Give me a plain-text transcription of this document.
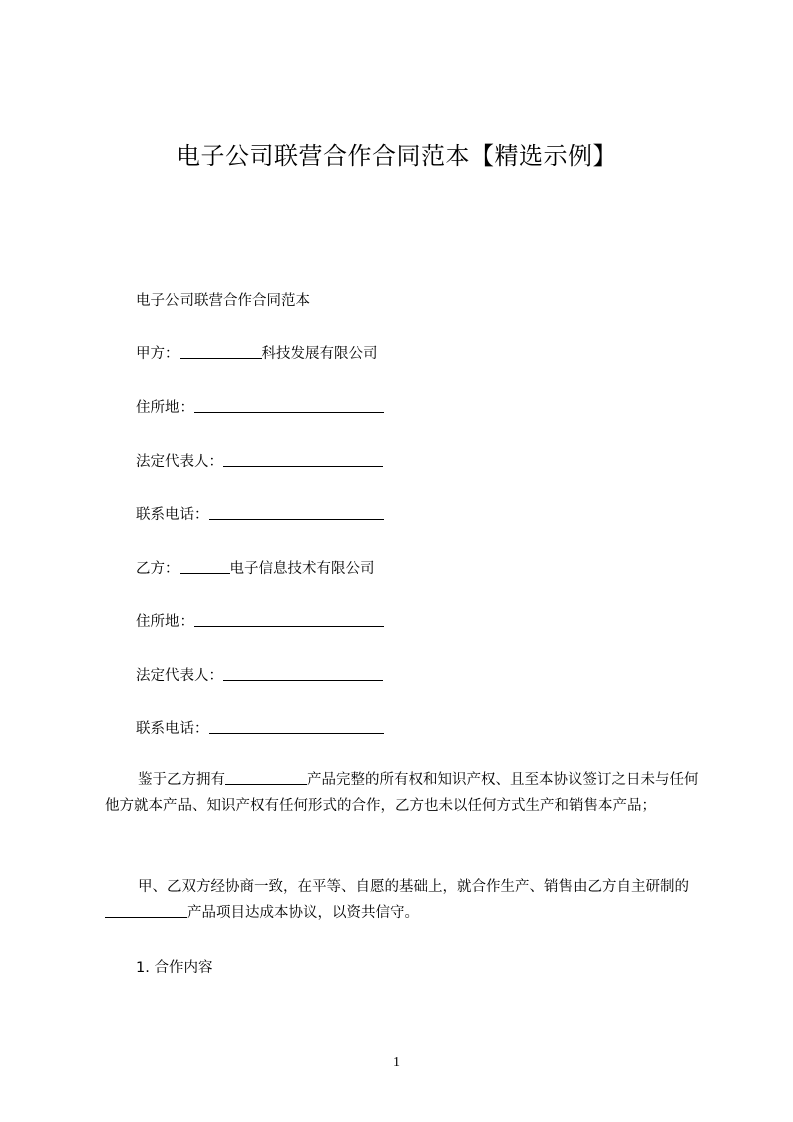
电子公司联营合作合同范本【精选示例】
电子公司联营合作合同范本
甲方：	科技发展有限公司
住所地：
法定代表人：
联系电话：
乙方：	电子信息技术有限公司
住所地：
法定代表人：
联系电话：
鉴于乙方拥有	产品完整的所有权和知识产权、且至本协议签订之日未与任何他方就本产品、知识产权有任何形式的合作，乙方也未以任何方式生产和销售本产品；
甲、乙双方经协商一致，在平等、自愿的基础上，就合作生产、销售由乙方自主研制的产品项目达成本协议，以资共信守。
1. 合作内容
1
